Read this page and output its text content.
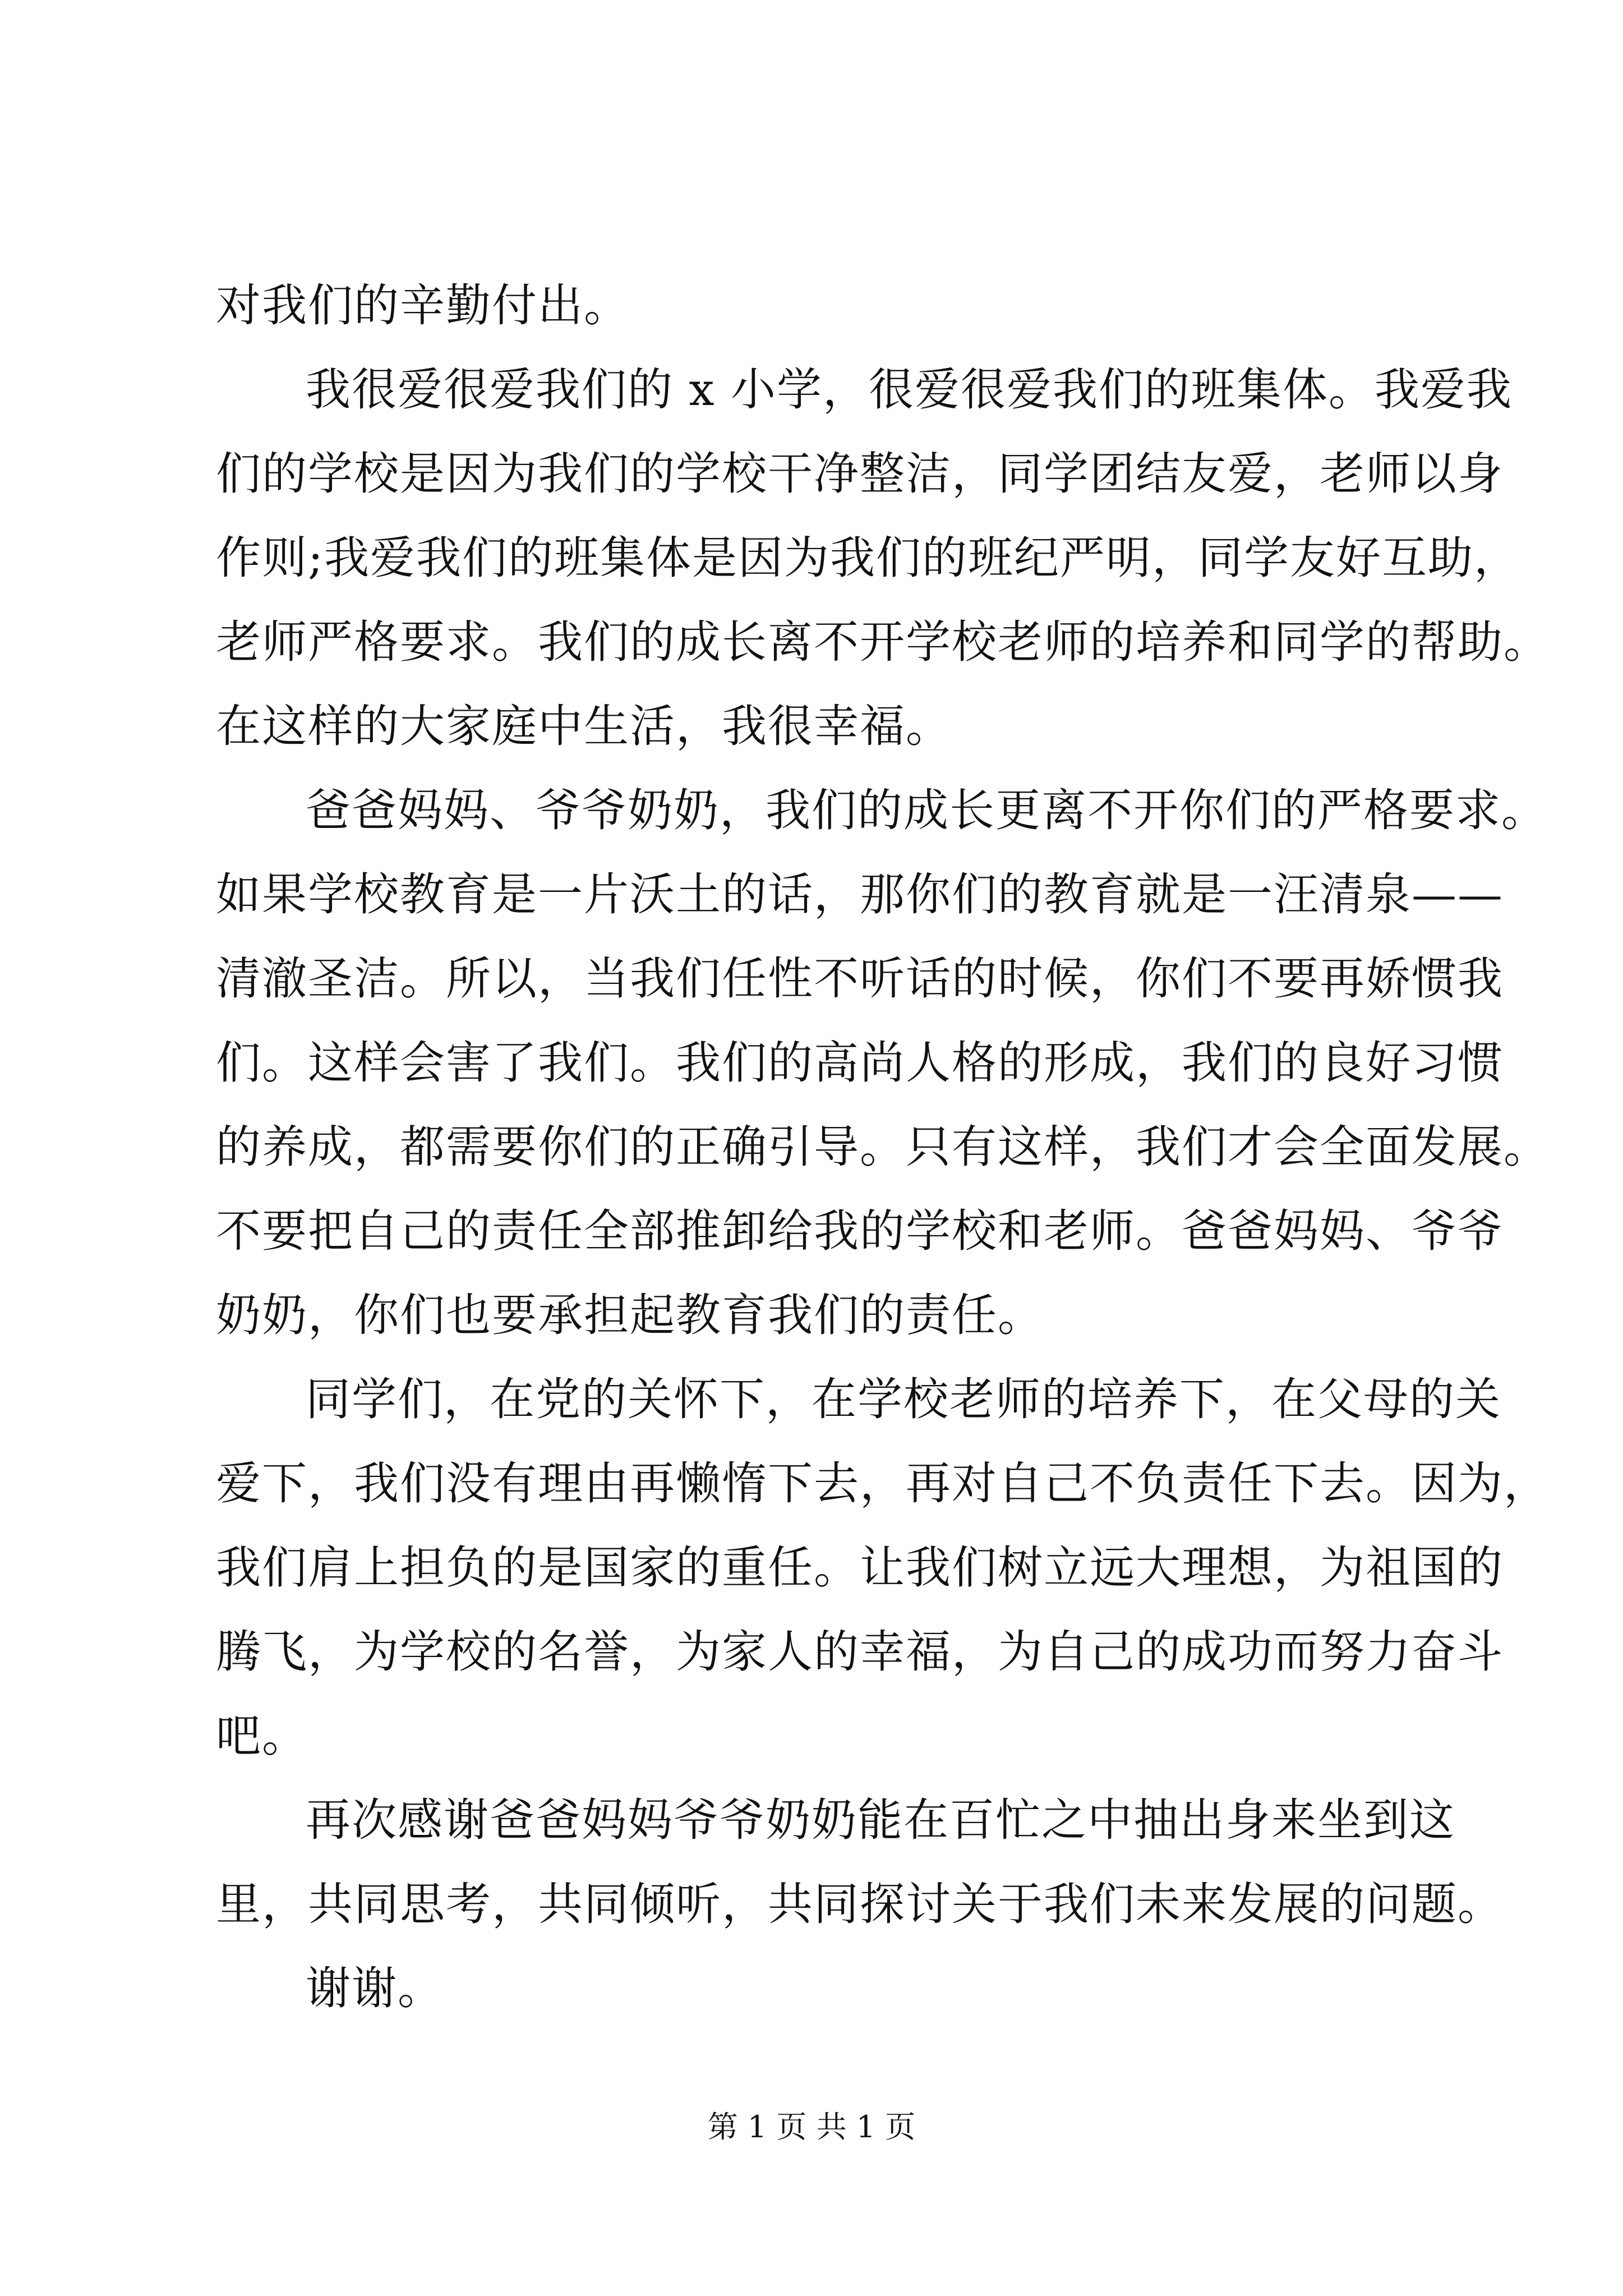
对我们的辛勤付出。
我很爱很爱我们的 x 小学，很爱很爱我们的班集体。我爱我
们的学校是因为我们的学校干净整洁，同学团结友爱，老师以身
作则;我爱我们的班集体是因为我们的班纪严明，同学友好互助，
老师严格要求。我们的成长离不开学校老师的培养和同学的帮助。
在这样的大家庭中生活，我很幸福。
爸爸妈妈、爷爷奶奶，我们的成长更离不开你们的严格要求。
如果学校教育是一片沃土的话，那你们的教育就是一汪清泉——
清澈圣洁。所以，当我们任性不听话的时候，你们不要再娇惯我
们。这样会害了我们。我们的高尚人格的形成，我们的良好习惯
的养成，都需要你们的正确引导。只有这样，我们才会全面发展。
不要把自己的责任全部推卸给我的学校和老师。爸爸妈妈、爷爷
奶奶，你们也要承担起教育我们的责任。
同学们，在党的关怀下，在学校老师的培养下，在父母的关
爱下，我们没有理由再懒惰下去，再对自己不负责任下去。因为，
我们肩上担负的是国家的重任。让我们树立远大理想，为祖国的
腾飞，为学校的名誉，为家人的幸福，为自己的成功而努力奋斗
吧。
再次感谢爸爸妈妈爷爷奶奶能在百忙之中抽出身来坐到这
里，共同思考，共同倾听，共同探讨关于我们未来发展的问题。
谢谢。
第 1 页 共 1 页
